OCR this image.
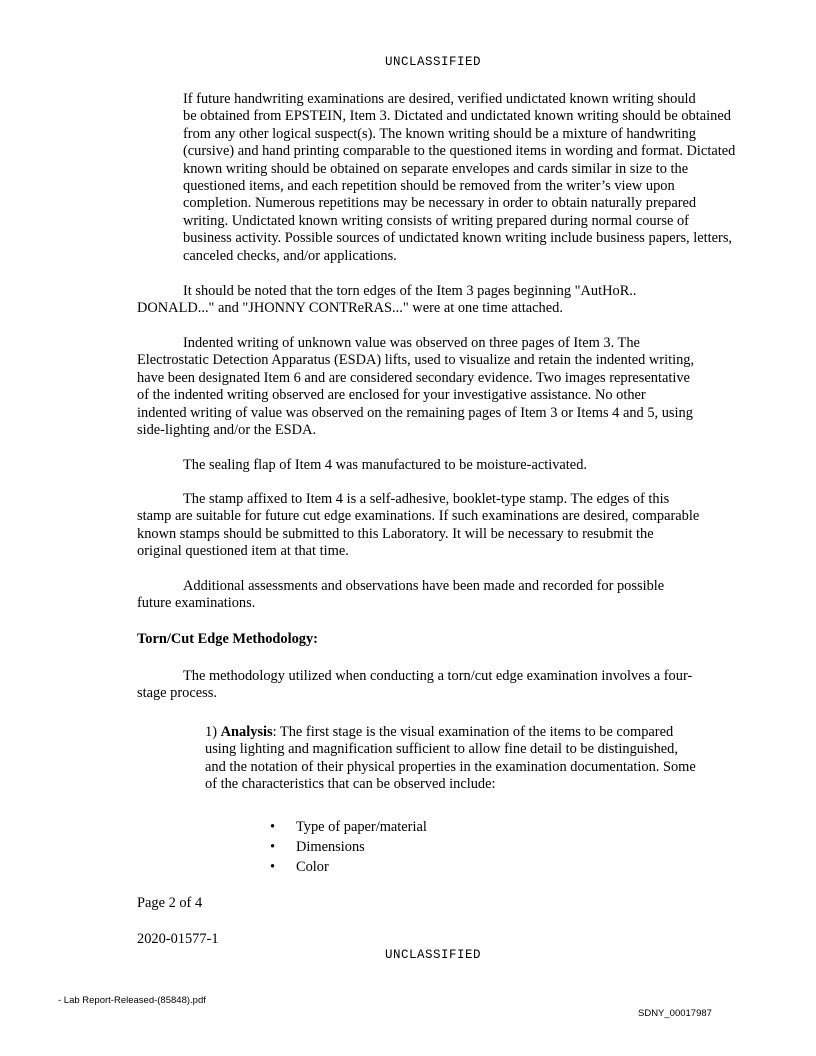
UNCLASSIFIED
If future handwriting examinations are desired, verified undictated known writing should
be obtained from EPSTEIN, Item 3. Dictated and undictated known writing should be obtained
from any other logical suspect(s). The known writing should be a mixture of handwriting
(cursive) and hand printing comparable to the questioned items in wording and format. Dictated
known writing should be obtained on separate envelopes and cards similar in size to the
questioned items, and each repetition should be removed from the writer’s view upon
completion. Numerous repetitions may be necessary in order to obtain naturally prepared
writing. Undictated known writing consists of writing prepared during normal course of
business activity. Possible sources of undictated known writing include business papers, letters,
canceled checks, and/or applications.
It should be noted that the torn edges of the Item 3 pages beginning "AutHoR..
DONALD..." and "JHONNY CONTReRAS..." were at one time attached.
Indented writing of unknown value was observed on three pages of Item 3. The
Electrostatic Detection Apparatus (ESDA) lifts, used to visualize and retain the indented writing,
have been designated Item 6 and are considered secondary evidence. Two images representative
of the indented writing observed are enclosed for your investigative assistance. No other
indented writing of value was observed on the remaining pages of Item 3 or Items 4 and 5, using
side-lighting and/or the ESDA.
The sealing flap of Item 4 was manufactured to be moisture-activated.
The stamp affixed to Item 4 is a self-adhesive, booklet-type stamp. The edges of this
stamp are suitable for future cut edge examinations. If such examinations are desired, comparable
known stamps should be submitted to this Laboratory. It will be necessary to resubmit the
original questioned item at that time.
Additional assessments and observations have been made and recorded for possible
future examinations.
Torn/Cut Edge Methodology:
The methodology utilized when conducting a torn/cut edge examination involves a four-
stage process.
1) Analysis: The first stage is the visual examination of the items to be compared
using lighting and magnification sufficient to allow fine detail to be distinguished,
and the notation of their physical properties in the examination documentation. Some
of the characteristics that can be observed include:
• Type of paper/material
• Dimensions
• Color
Page 2 of 4
2020-01577-1
UNCLASSIFIED
- Lab Report-Released-(85848).pdf
SDNY_00017987
